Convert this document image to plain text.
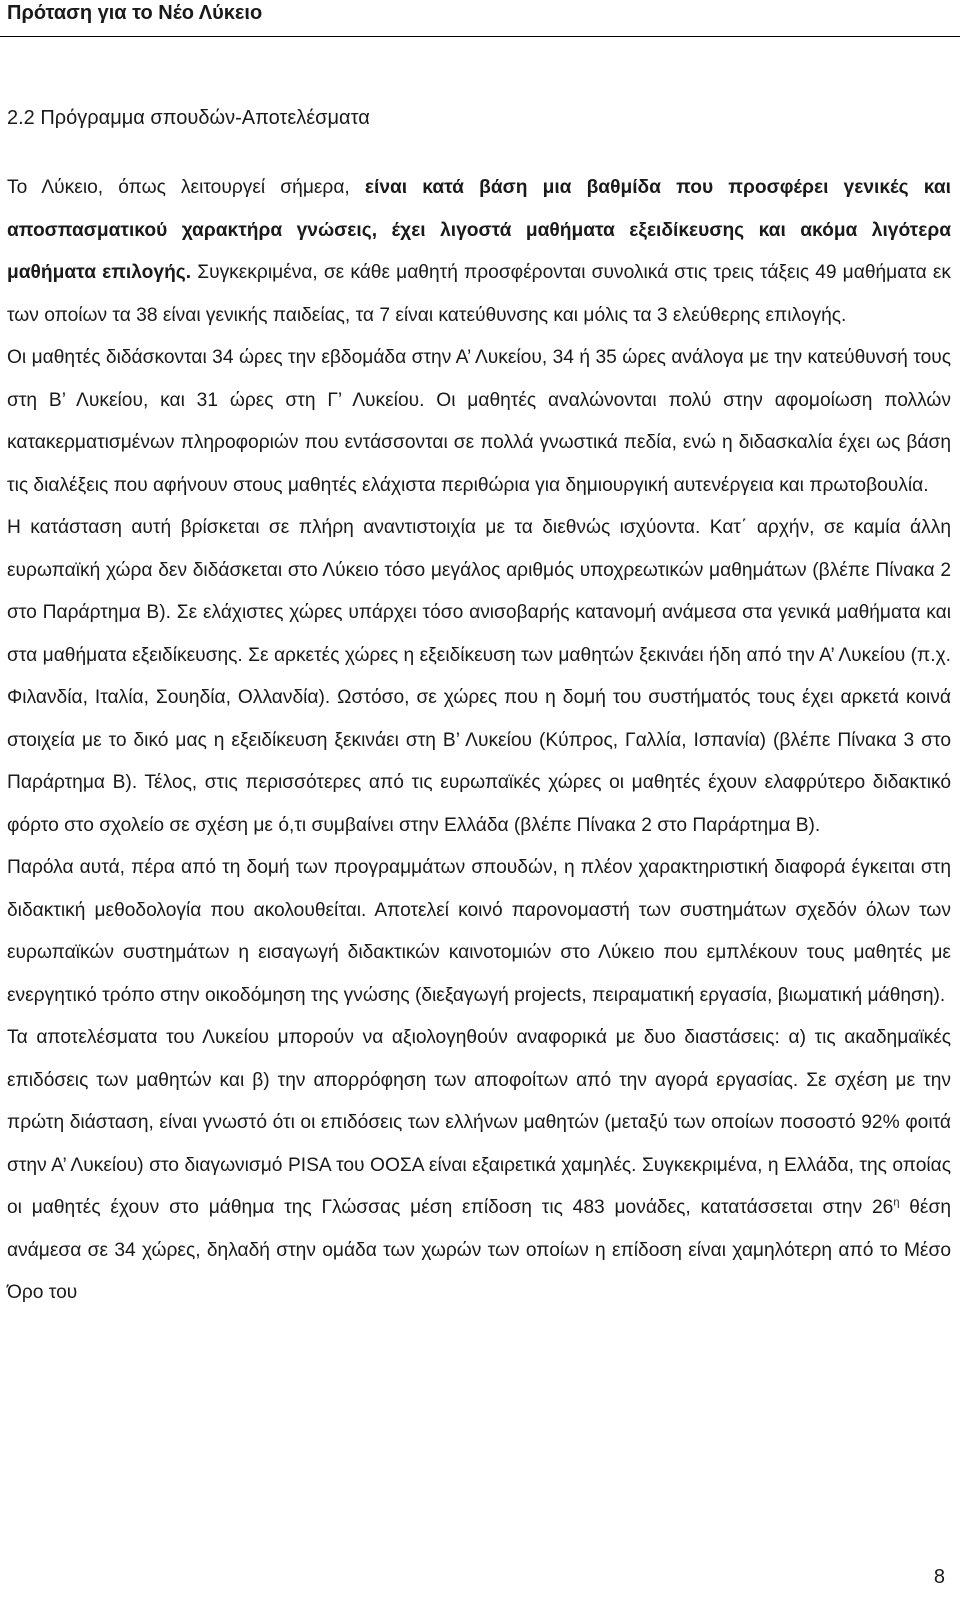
Πρόταση για το Νέο Λύκειο
2.2 Πρόγραμμα σπουδών-Αποτελέσματα

Το Λύκειο, όπως λειτουργεί σήμερα, είναι κατά βάση μια βαθμίδα που προσφέρει γενικές και αποσπασματικού χαρακτήρα γνώσεις, έχει λιγοστά μαθήματα εξειδίκευσης και ακόμα λιγότερα μαθήματα επιλογής. Συγκεκριμένα, σε κάθε μαθητή προσφέρονται συνολικά στις τρεις τάξεις 49 μαθήματα εκ των οποίων τα 38 είναι γενικής παιδείας, τα 7 είναι κατεύθυνσης και μόλις τα 3 ελεύθερης επιλογής.

Οι μαθητές διδάσκονται 34 ώρες την εβδομάδα στην Α’ Λυκείου, 34 ή 35 ώρες ανάλογα με την κατεύθυνσή τους στη Β’ Λυκείου, και 31 ώρες στη Γ’ Λυκείου. Οι μαθητές αναλώνονται πολύ στην αφομοίωση πολλών κατακερματισμένων πληροφοριών που εντάσσονται σε πολλά γνωστικά πεδία, ενώ η διδασκαλία έχει ως βάση τις διαλέξεις που αφήνουν στους μαθητές ελάχιστα περιθώρια για δημιουργική αυτενέργεια και πρωτοβουλία.

Η κατάσταση αυτή βρίσκεται σε πλήρη αναντιστοιχία με τα διεθνώς ισχύοντα. Κατ΄ αρχήν, σε καμία άλλη ευρωπαϊκή χώρα δεν διδάσκεται στο Λύκειο τόσο μεγάλος αριθμός υποχρεωτικών μαθημάτων (βλέπε Πίνακα 2 στο Παράρτημα Β). Σε ελάχιστες χώρες υπάρχει τόσο ανισοβαρής κατανομή ανάμεσα στα γενικά μαθήματα και στα μαθήματα εξειδίκευσης. Σε αρκετές χώρες η εξειδίκευση των μαθητών ξεκινάει ήδη από την Α’ Λυκείου (π.χ. Φιλανδία, Ιταλία, Σουηδία, Ολλανδία). Ωστόσο, σε χώρες που η δομή του συστήματός τους έχει αρκετά κοινά στοιχεία με το δικό μας η εξειδίκευση ξεκινάει στη Β’ Λυκείου (Κύπρος, Γαλλία, Ισπανία) (βλέπε Πίνακα 3 στο Παράρτημα Β). Τέλος, στις περισσότερες από τις ευρωπαϊκές χώρες οι μαθητές έχουν ελαφρύτερο διδακτικό φόρτο στο σχολείο σε σχέση με ό,τι συμβαίνει στην Ελλάδα (βλέπε Πίνακα 2 στο Παράρτημα Β).

Παρόλα αυτά, πέρα από τη δομή των προγραμμάτων σπουδών, η πλέον χαρακτηριστική διαφορά έγκειται στη διδακτική μεθοδολογία που ακολουθείται. Αποτελεί κοινό παρονομαστή των συστημάτων σχεδόν όλων των ευρωπαϊκών συστημάτων η εισαγωγή διδακτικών καινοτομιών στο Λύκειο που εμπλέκουν τους μαθητές με ενεργητικό τρόπο στην οικοδόμηση της γνώσης (διεξαγωγή projects, πειραματική εργασία, βιωματική μάθηση).

Τα αποτελέσματα του Λυκείου μπορούν να αξιολογηθούν αναφορικά με δυο διαστάσεις: α) τις ακαδημαϊκές επιδόσεις των μαθητών και β) την απορρόφηση των αποφοίτων από την αγορά εργασίας. Σε σχέση με την πρώτη διάσταση, είναι γνωστό ότι οι επιδόσεις των ελλήνων μαθητών (μεταξύ των οποίων ποσοστό 92% φοιτά στην Α’ Λυκείου) στο διαγωνισμό PISA του ΟΟΣΑ είναι εξαιρετικά χαμηλές. Συγκεκριμένα, η Ελλάδα, της οποίας οι μαθητές έχουν στο μάθημα της Γλώσσας μέση επίδοση τις 483 μονάδες, κατατάσσεται στην $26^\eta$ θέση ανάμεσα σε 34 χώρες, δηλαδή στην ομάδα των χωρών των οποίων η επίδοση είναι χαμηλότερη από το Μέσο Όρο του

8
